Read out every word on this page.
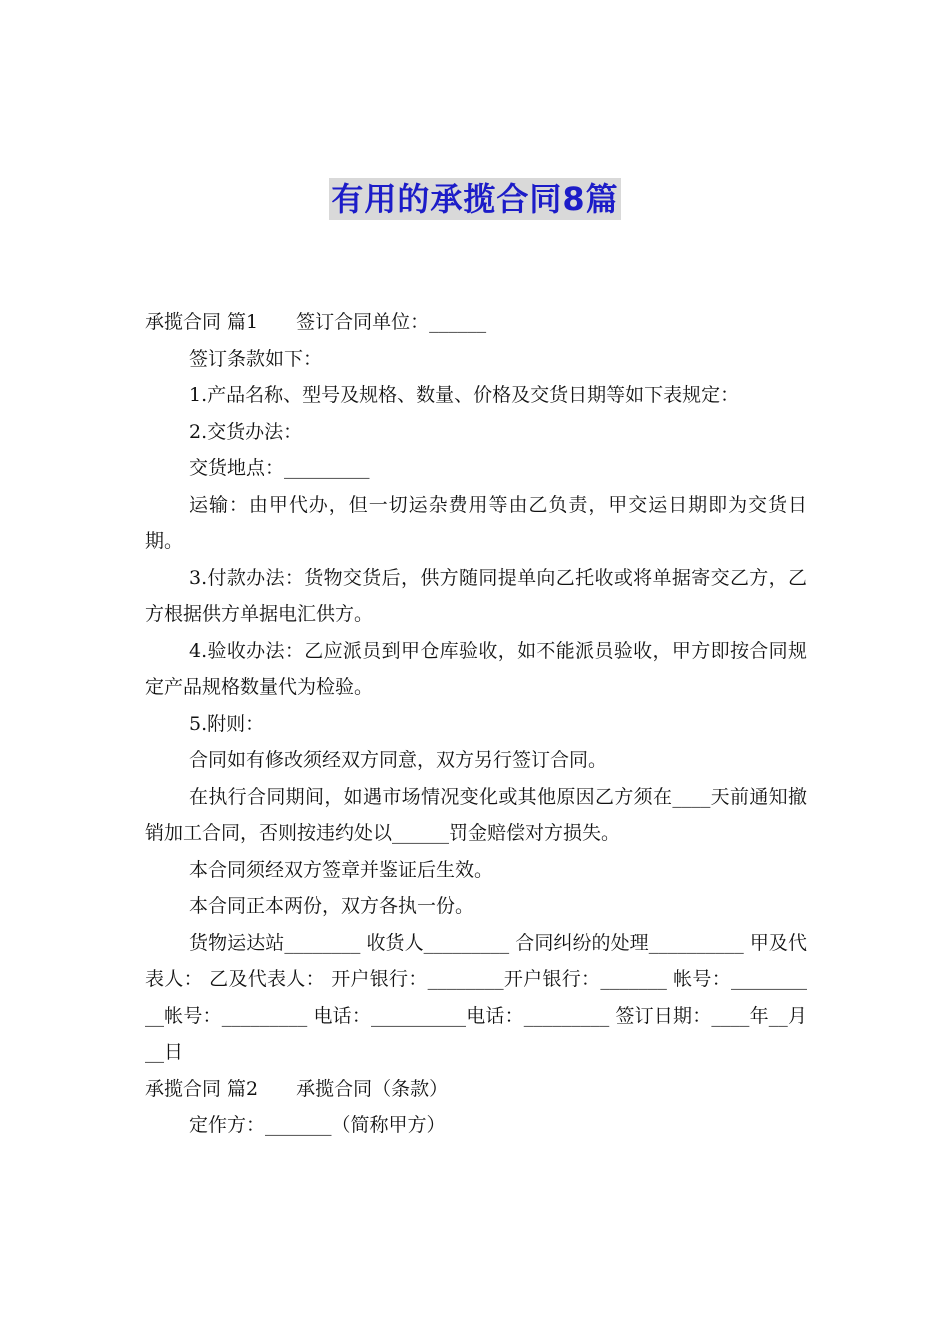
有用的承揽合同8篇

承揽合同 篇1　　签订合同单位：______

签订条款如下：

1.产品名称、型号及规格、数量、价格及交货日期等如下表规定：

2.交货办法：

交货地点：_________

运输：由甲代办，但一切运杂费用等由乙负责，甲交运日期即为交货日期。

3.付款办法：货物交货后，供方随同提单向乙托收或将单据寄交乙方，乙方根据供方单据电汇供方。

4.验收办法：乙应派员到甲仓库验收，如不能派员验收，甲方即按合同规定产品规格数量代为检验。

5.附则：

合同如有修改须经双方同意，双方另行签订合同。

在执行合同期间，如遇市场情况变化或其他原因乙方须在____天前通知撤销加工合同，否则按违约处以______罚金赔偿对方损失。

本合同须经双方签章并鉴证后生效。

本合同正本两份，双方各执一份。

货物运达站________ 收货人_________ 合同纠纷的处理__________ 甲及代表人： 乙及代表人： 开户银行：________开户银行：_______ 帐号：__________帐号：_________ 电话：__________电话：_________ 签订日期：____年__月__日

承揽合同 篇2　　承揽合同（条款）

定作方：_______（简称甲方）
